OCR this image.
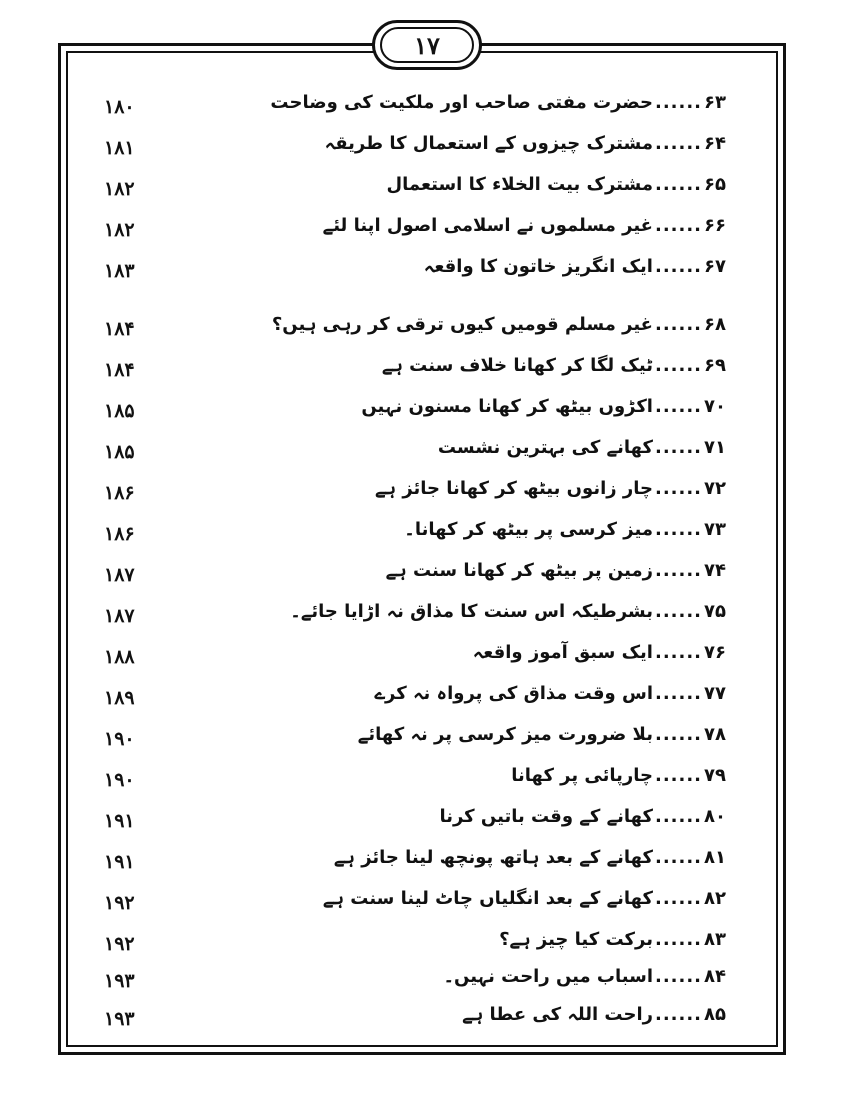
۱۷
۶۳......حضرت مفتی صاحب اور ملکیت کی وضاحت
۱۸۰
۶۴......مشترک چیزوں کے استعمال کا طریقہ
۱۸۱
۶۵......مشترک بیت الخلاء کا استعمال
۱۸۲
۶۶......غیر مسلموں نے اسلامی اصول اپنا لئے
۱۸۲
۶۷......ایک انگریز خاتون کا واقعہ
۱۸۳
۶۸......غیر مسلم قومیں کیوں ترقی کر رہی ہیں؟
۱۸۴
۶۹......ٹیک لگا کر کھانا خلاف سنت ہے
۱۸۴
۷۰......اکڑوں بیٹھ کر کھانا مسنون نہیں
۱۸۵
۷۱......کھانے کی بہترین نشست
۱۸۵
۷۲......چار زانوں بیٹھ کر کھانا جائز ہے
۱۸۶
۷۳......میز کرسی پر بیٹھ کر کھانا۔
۱۸۶
۷۴......زمین پر بیٹھ کر کھانا سنت ہے
۱۸۷
۷۵......بشرطیکہ اس سنت کا مذاق نہ اڑایا جائے۔
۱۸۷
۷۶......ایک سبق آموز واقعہ
۱۸۸
۷۷......اس وقت مذاق کی پرواہ نہ کرے
۱۸۹
۷۸......بلا ضرورت میز کرسی پر نہ کھائے
۱۹۰
۷۹......چارپائی پر کھانا
۱۹۰
۸۰......کھانے کے وقت باتیں کرنا
۱۹۱
۸۱......کھانے کے بعد ہاتھ پونچھ لینا جائز ہے
۱۹۱
۸۲......کھانے کے بعد انگلیاں چاٹ لینا سنت ہے
۱۹۲
۸۳......برکت کیا چیز ہے؟
۱۹۲
۸۴......اسباب میں راحت نہیں۔
۱۹۳
۸۵......راحت اللہ کی عطا ہے
۱۹۳
